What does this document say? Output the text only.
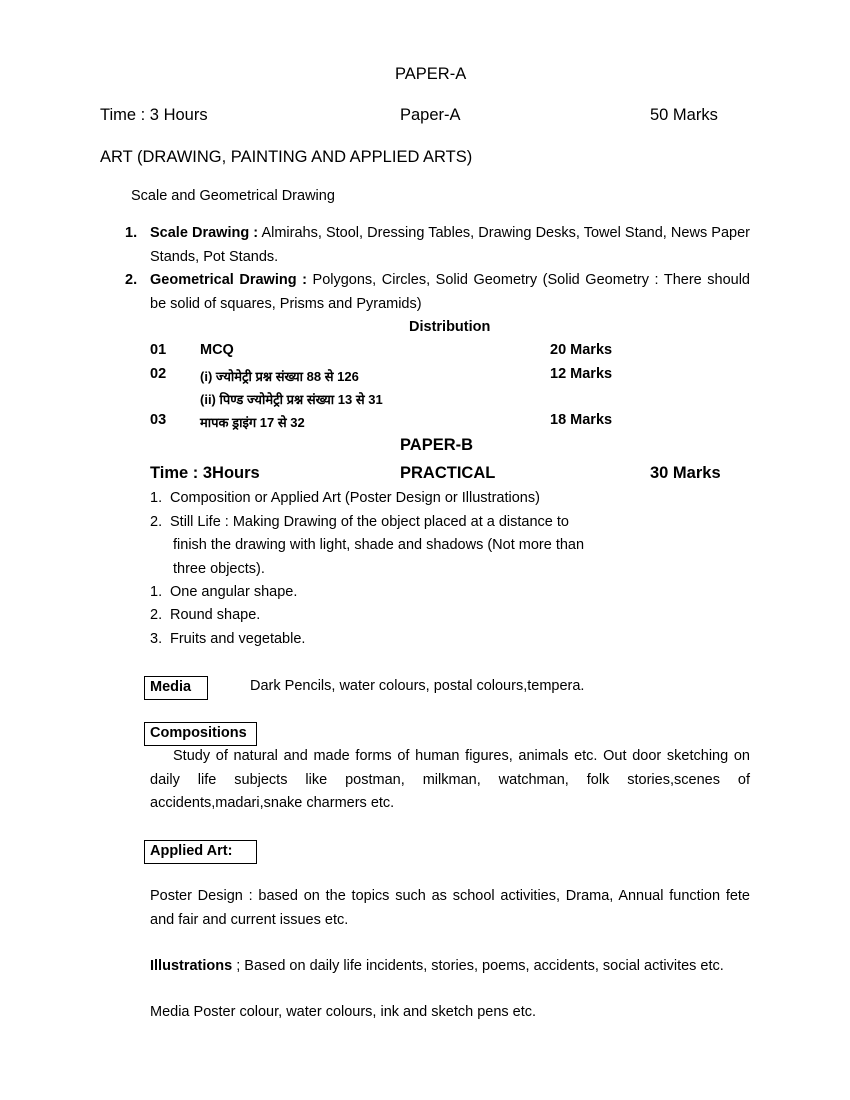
PAPER-A
Time : 3 Hours	Paper-A	50 Marks
ART (DRAWING, PAINTING AND APPLIED ARTS)
Scale and Geometrical Drawing
1. Scale Drawing : Almirahs, Stool, Dressing Tables, Drawing Desks, Towel Stand, News Paper Stands, Pot Stands.
2. Geometrical Drawing : Polygons, Circles, Solid Geometry (Solid Geometry : There should be solid of squares, Prisms and Pyramids)
Distribution
01 MCQ	20 Marks
02	(i) ज्योमेट्री प्रश्न संख्या 88 से 126	12 Marks
(ii) पिण्ड ज्योमेट्री प्रश्न संख्या 13 से 31
03	मापक ड्राइंग 17 से 32	18 Marks
PAPER-B
Time : 3Hours	PRACTICAL	30 Marks
1. Composition or Applied Art (Poster Design or Illustrations)
2. Still Life : Making Drawing of the object placed at a distance to
finish the drawing with light, shade and shadows (Not more than
three objects).
1. One angular shape.
2. Round shape.
3. Fruits and vegetable.
Media	Dark Pencils, water colours, postal colours,tempera.
Compositions
Study of natural and made forms of human figures, animals etc. Out door sketching on daily life subjects like postman, milkman, watchman, folk stories,scenes of accidents,madari,snake charmers etc.
Applied Art:
Poster Design : based on the topics such as school activities, Drama, Annual function fete and fair and current issues etc.
Illustrations ; Based on daily life incidents, stories, poems, accidents, social activites etc.
Media Poster colour, water colours, ink and sketch pens etc.
